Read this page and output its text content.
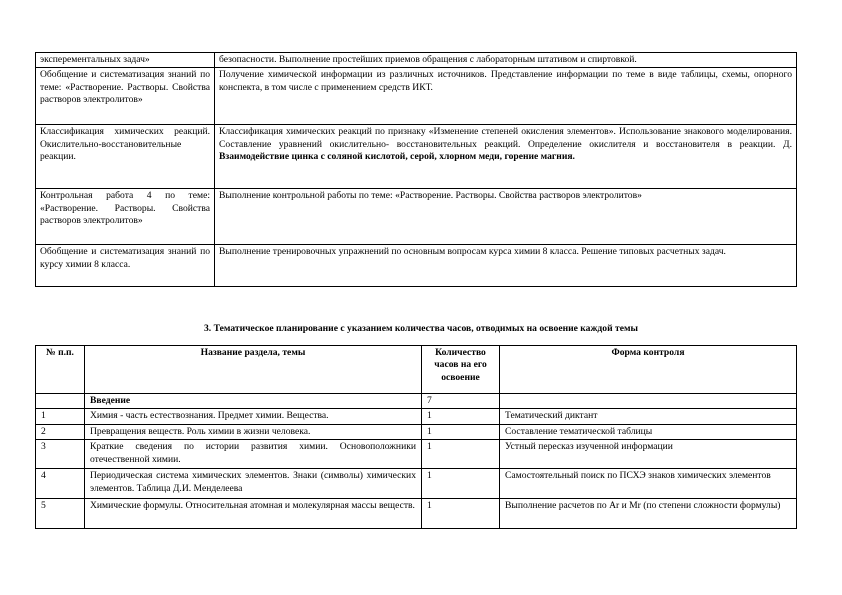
эксперементальных задач»	безопасности. Выполнение простейших приемов обращения с лабораторным штативом и спиртовкой.
Обобщение и систематизация знаний по теме: «Растворение. Растворы. Свойства растворов электролитов»	Получение химической информации из различных источников. Представление информации по теме в виде таблицы, схемы, опорного конспекта, в том числе с применением средств ИКТ.
Классификация химических реакций. Окислительно-восстановительные реакции.	Классификация химических реакций по признаку «Изменение степеней окисления элементов». Использование знакового моделирования. Составление уравнений окислительно- восстановительных реакций. Определение окислителя и восстановителя в реакции. Д. Взаимодействие цинка с соляной кислотой, серой, хлорном меди, горение магния.
Контрольная работа 4 по теме: «Растворение. Растворы. Свойства растворов электролитов»	Выполнение контрольной работы по теме: «Растворение. Растворы. Свойства растворов электролитов»
Обобщение и систематизация знаний по курсу химии 8 класса.	Выполнение тренировочных упражнений по основным вопросам курса химии 8 класса. Решение типовых расчетных задач.
3. Тематическое планирование с указанием количества часов, отводимых на освоение каждой темы
№ п.п.	Название раздела, темы	Количество часов на его освоение	Форма контроля
	Введение	7	
1	Химия - часть естествознания. Предмет химии. Вещества.	1	Тематический диктант
2	Превращения веществ. Роль химии в жизни человека.	1	Составление тематической таблицы
3	Краткие сведения по истории развития химии. Основоположники отечественной химии.	1	Устный пересказ изученной информации
4	Периодическая система химических элементов. Знаки (символы) химических элементов. Таблица Д.И. Менделеева	1	Самостоятельный поиск по ПСХЭ знаков химических элементов
5	Химические формулы. Относительная атомная и молекулярная массы веществ.	1	Выполнение расчетов по Ar и Mr (по степени сложности формулы)
